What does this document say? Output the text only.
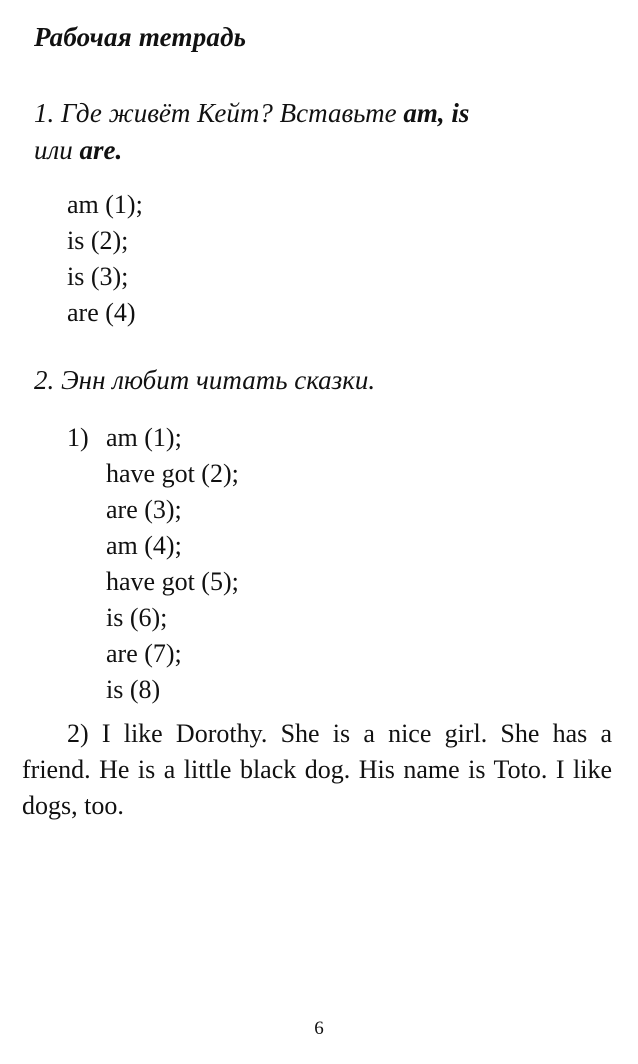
Рабочая тетрадь
1. Где живёт Кейт? Вставьте am, is
или are.
am (1);
is (2);
is (3);
are (4)
2. Энн любит читать сказки.
1) am (1);
have got (2);
are (3);
am (4);
have got (5);
is (6);
are (7);
is (8)
2) I like Dorothy. She is a nice girl. She has a friend. He is a little black dog. His name is Toto. I like dogs, too.
6
